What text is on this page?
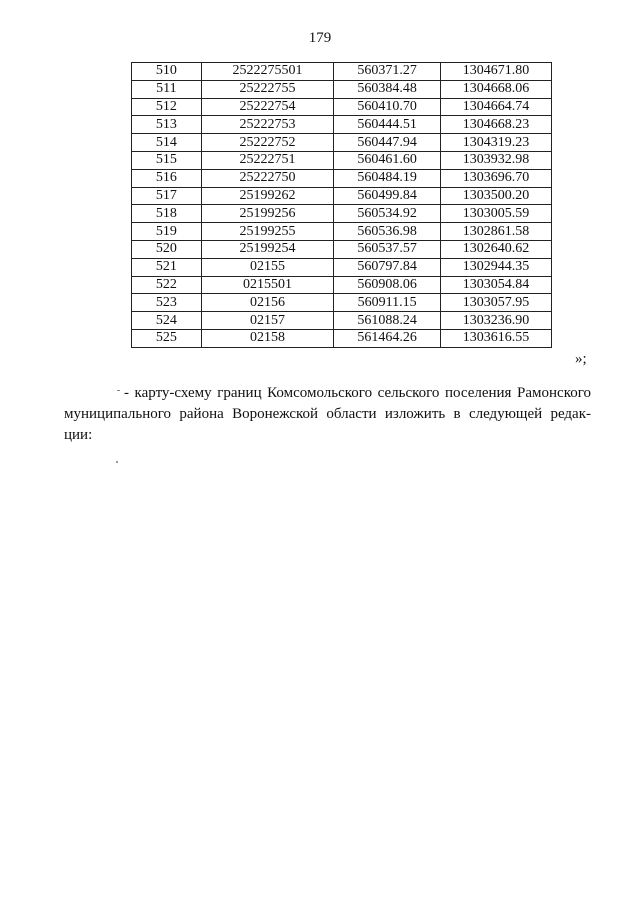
179
510	2522275501	560371.27	1304671.80
511	25222755	560384.48	1304668.06
512	25222754	560410.70	1304664.74
513	25222753	560444.51	1304668.23
514	25222752	560447.94	1304319.23
515	25222751	560461.60	1303932.98
516	25222750	560484.19	1303696.70
517	25199262	560499.84	1303500.20
518	25199256	560534.92	1303005.59
519	25199255	560536.98	1302861.58
520	25199254	560537.57	1302640.62
521	02155	560797.84	1302944.35
522	0215501	560908.06	1303054.84
523	02156	560911.15	1303057.95
524	02157	561088.24	1303236.90
525	02158	561464.26	1303616.55
»;
- карту-схему границ Комсомольского сельского поселения Рамонского
муниципального района Воронежской области изложить в следующей редак-
ции:
